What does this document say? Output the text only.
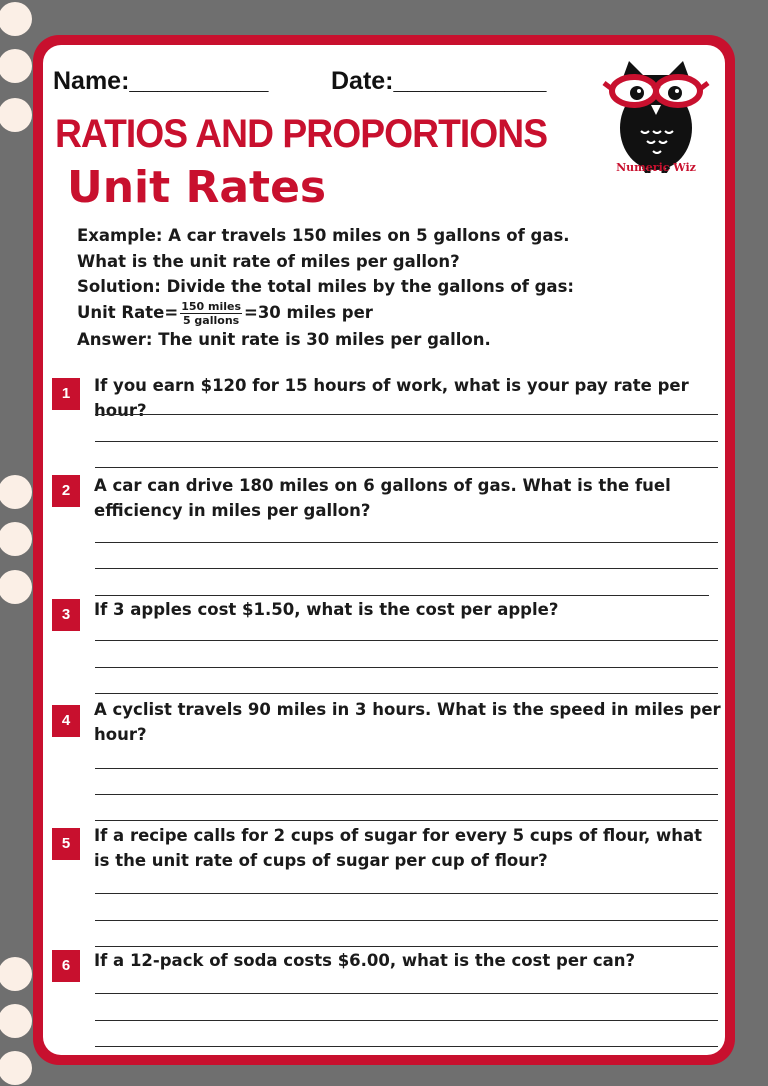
Name:__________	Date:___________
RATIOS AND PROPORTIONS
Unit Rates	Numeric Wiz
Example: A car travels 150 miles on 5 gallons of gas.
What is the unit rate of miles per gallon?
Solution: Divide the total miles by the gallons of gas:
Unit Rate= $\frac{\text{150 miles}}{\text{5 gallons}} =30$ miles per
Answer: The unit rate is 30 miles per gallon.
1	If you earn $120 for 15 hours of work, what is your pay rate per hour?
2	A car can drive 180 miles on 6 gallons of gas. What is the fuel efficiency in miles per gallon?
3	If 3 apples cost $1.50, what is the cost per apple?
4
A cyclist travels 90 miles in 3 hours. What is the speed in miles per hour?
5	If a recipe calls for 2 cups of sugar for every 5 cups of flour, what is the unit rate of cups of sugar per cup of flour?
6	If a 12-pack of soda costs $6.00, what is the cost per can?
